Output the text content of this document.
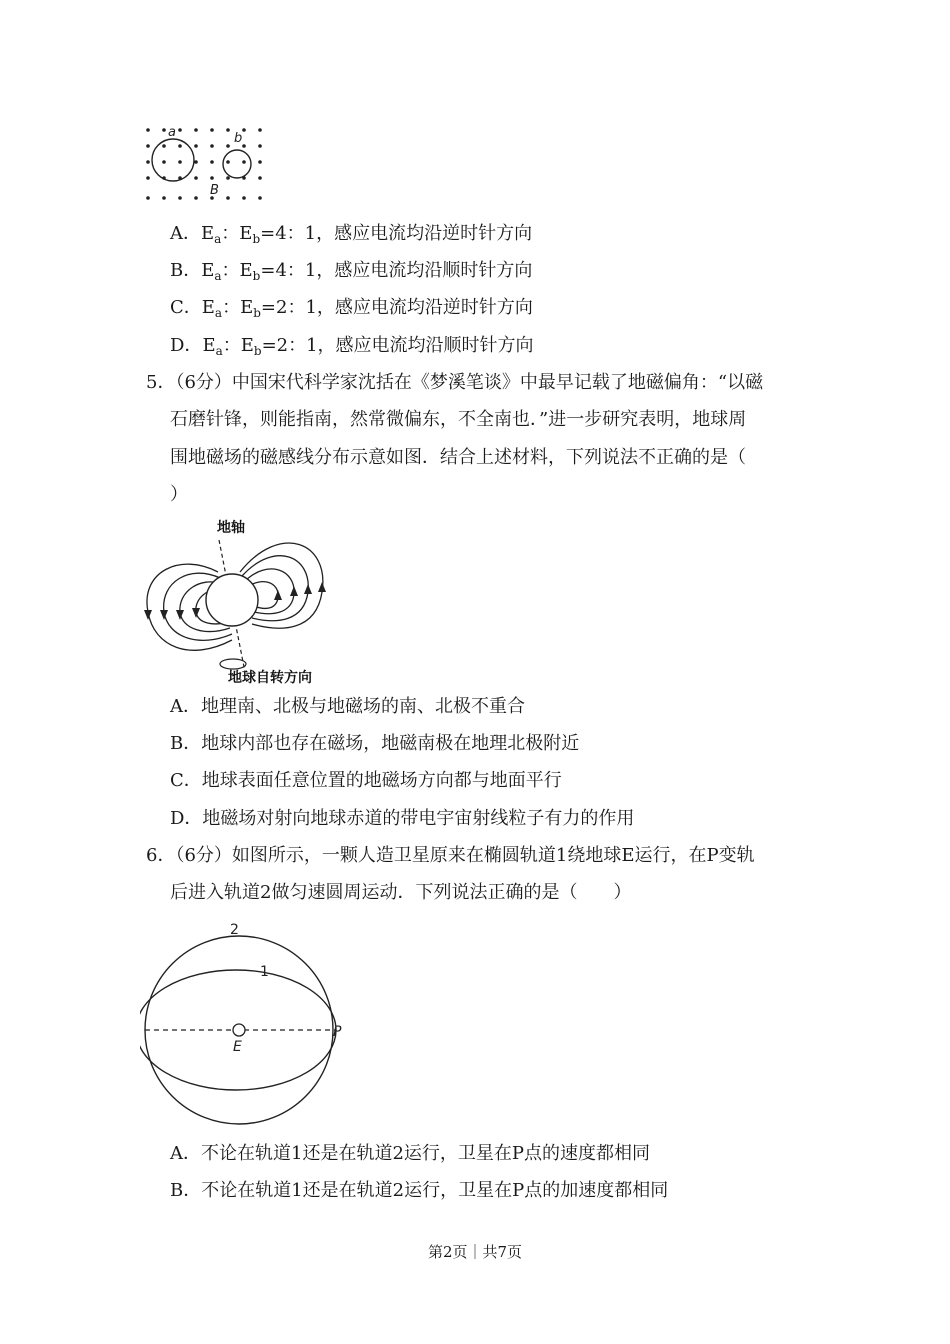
a	b
B
A．$E_a$：$E_b=4$：1，感应电流均沿逆时针方向
B．$E_a$：$E_b=4$：1，感应电流均沿顺时针方向
C．$E_a$：$E_b=2$：1，感应电流均沿逆时针方向
D．$E_a$：$E_b=2$：1，感应电流均沿顺时针方向
5．（6分）中国宋代科学家沈括在《梦溪笔谈》中最早记载了地磁偏角：“以磁
石磨针锋，则能指南，然常微偏东，不全南也．”进一步研究表明，地球周
围地磁场的磁感线分布示意如图．结合上述材料，下列说法不正确的是（
）
地轴
地球自转方向
A．地理南、北极与地磁场的南、北极不重合
B．地球内部也存在磁场，地磁南极在地理北极附近
C．地球表面任意位置的地磁场方向都与地面平行
D．地磁场对射向地球赤道的带电宇宙射线粒子有力的作用
6．（6分）如图所示，一颗人造卫星原来在椭圆轨道1绕地球E运行，在P变轨
后进入轨道2做匀速圆周运动．下列说法正确的是（　　）
2
1
E
P
A．不论在轨道1还是在轨道2运行，卫星在P点的速度都相同
B．不论在轨道1还是在轨道2运行，卫星在P点的加速度都相同
第2页｜共7页
